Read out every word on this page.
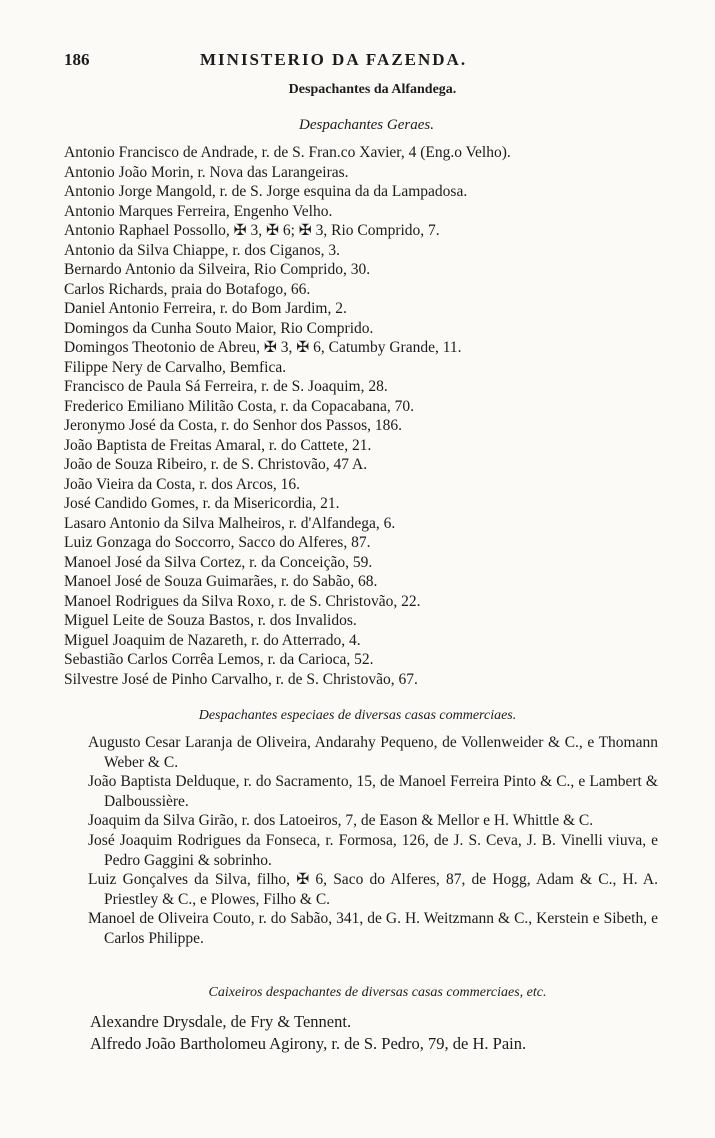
186	MINISTERIO DA FAZENDA.
Despachantes da Alfandega.
Despachantes Geraes.
Antonio Francisco de Andrade, r. de S. Fran.co Xavier, 4 (Eng.o Velho).
Antonio João Morin, r. Nova das Larangeiras.
Antonio Jorge Mangold, r. de S. Jorge esquina da da Lampadosa.
Antonio Marques Ferreira, Engenho Velho.
Antonio Raphael Possollo, ✠ 3, ✠ 6; ✠ 3, Rio Comprido, 7.
Antonio da Silva Chiappe, r. dos Ciganos, 3.
Bernardo Antonio da Silveira, Rio Comprido, 30.
Carlos Richards, praia do Botafogo, 66.
Daniel Antonio Ferreira, r. do Bom Jardim, 2.
Domingos da Cunha Souto Maior, Rio Comprido.
Domingos Theotonio de Abreu, ✠ 3, ✠ 6, Catumby Grande, 11.
Filippe Nery de Carvalho, Bemfica.
Francisco de Paula Sá Ferreira, r. de S. Joaquim, 28.
Frederico Emiliano Militão Costa, r. da Copacabana, 70.
Jeronymo José da Costa, r. do Senhor dos Passos, 186.
João Baptista de Freitas Amaral, r. do Cattete, 21.
João de Souza Ribeiro, r. de S. Christovão, 47 A.
João Vieira da Costa, r. dos Arcos, 16.
José Candido Gomes, r. da Misericordia, 21.
Lasaro Antonio da Silva Malheiros, r. d'Alfandega, 6.
Luiz Gonzaga do Soccorro, Sacco do Alferes, 87.
Manoel José da Silva Cortez, r. da Conceição, 59.
Manoel José de Souza Guimarães, r. do Sabão, 68.
Manoel Rodrigues da Silva Roxo, r. de S. Christovão, 22.
Miguel Leite de Souza Bastos, r. dos Invalidos.
Miguel Joaquim de Nazareth, r. do Atterrado, 4.
Sebastião Carlos Corrêa Lemos, r. da Carioca, 52.
Silvestre José de Pinho Carvalho, r. de S. Christovão, 67.
Despachantes especiaes de diversas casas commerciaes.
Augusto Cesar Laranja de Oliveira, Andarahy Pequeno, de Vollenweider & C., e Thomann Weber & C.
João Baptista Delduque, r. do Sacramento, 15, de Manoel Ferreira Pinto & C., e Lambert & Dalboussière.
Joaquim da Silva Girão, r. dos Latoeiros, 7, de Eason & Mellor e H. Whittle & C.
José Joaquim Rodrigues da Fonseca, r. Formosa, 126, de J. S. Ceva, J. B. Vinelli viuva, e Pedro Gaggini & sobrinho.
Luiz Gonçalves da Silva, filho, ✠ 6, Saco do Alferes, 87, de Hogg, Adam & C., H. A. Priestley & C., e Plowes, Filho & C.
Manoel de Oliveira Couto, r. do Sabão, 341, de G. H. Weitzmann & C., Kerstein e Sibeth, e Carlos Philippe.
Caixeiros despachantes de diversas casas commerciaes, etc.
Alexandre Drysdale, de Fry & Tennent.
Alfredo João Bartholomeu Agirony, r. de S. Pedro, 79, de H. Pain.
